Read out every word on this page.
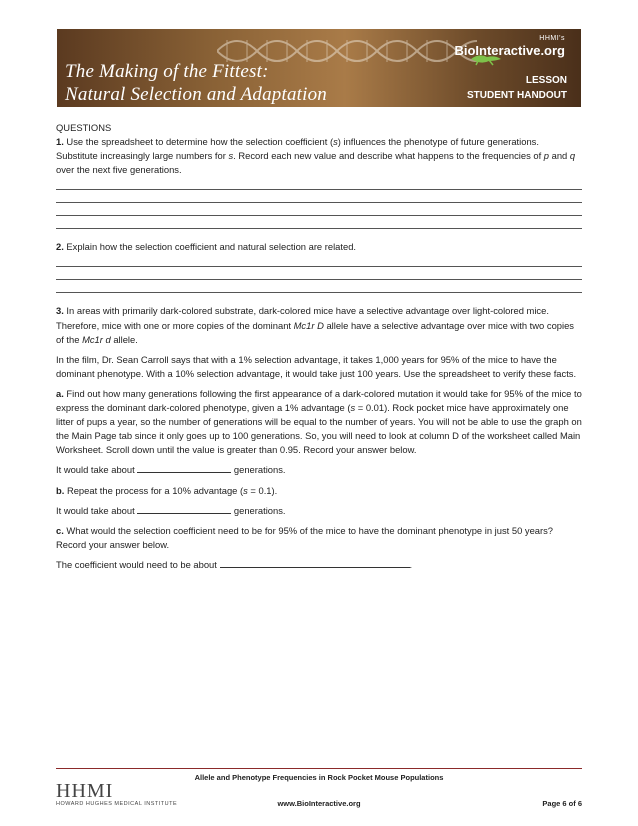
HHMI's
BioInteractive.org
The Making of the Fittest:
Natural Selection and Adaptation
LESSON
STUDENT HANDOUT

QUESTIONS

1. Use the spreadsheet to determine how the selection coefficient (s) influences the phenotype of future generations. Substitute increasingly large numbers for s. Record each new value and describe what happens to the frequencies of p and q over the next five generations.

2. Explain how the selection coefficient and natural selection are related.

3. In areas with primarily dark-colored substrate, dark-colored mice have a selective advantage over light-colored mice. Therefore, mice with one or more copies of the dominant Mc1r D allele have a selective advantage over mice with two copies of the Mc1r d allele.

In the film, Dr. Sean Carroll says that with a 1% selection advantage, it takes 1,000 years for 95% of the mice to have the dominant phenotype. With a 10% selection advantage, it would take just 100 years. Use the spreadsheet to verify these facts.

a. Find out how many generations following the first appearance of a dark-colored mutation it would take for 95% of the mice to express the dominant dark-colored phenotype, given a 1% advantage (s = 0.01). Rock pocket mice have approximately one litter of pups a year, so the number of generations will be equal to the number of years. You will not be able to use the graph on the Main Page tab since it only goes up to 100 generations. So, you will need to look at column D of the worksheet called Main Worksheet. Scroll down until the value is greater than 0.95. Record your answer below.

It would take about	generations.

b. Repeat the process for a 10% advantage (s = 0.1).

It would take about	generations.

c. What would the selection coefficient need to be for 95% of the mice to have the dominant phenotype in just 50 years? Record your answer below.

The coefficient would need to be about	.

Allele and Phenotype Frequencies in Rock Pocket Mouse Populations
HHMI
HOWARD HUGHES MEDICAL INSTITUTE	www.BioInteractive.org	Page 6 of 6
